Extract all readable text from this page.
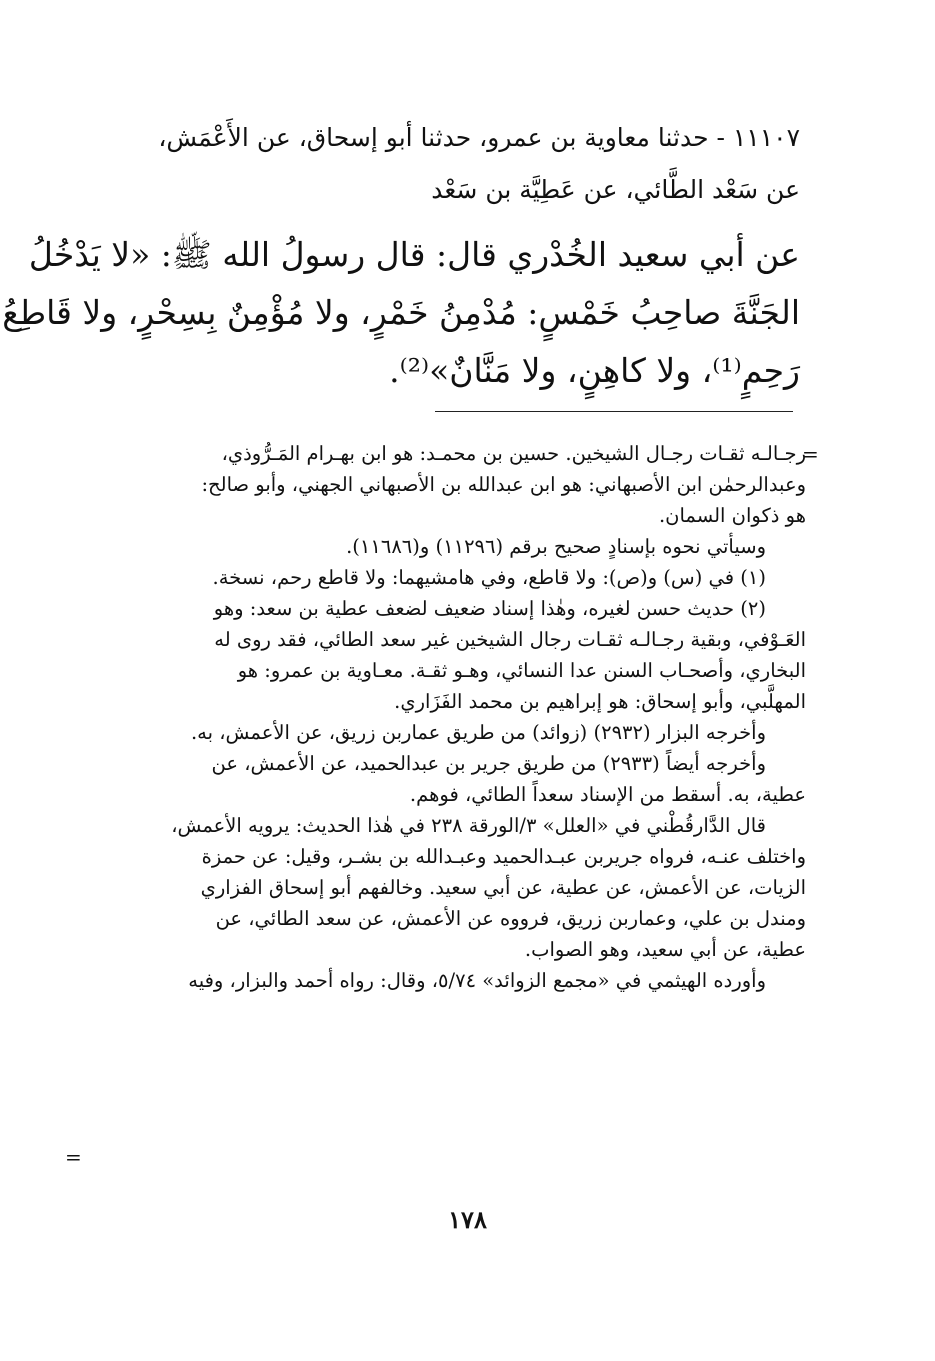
١١١٠٧ - حدثنا معاوية بن عمرو، حدثنا أبو إسحاق، عن الأَعْمَش،
عن سَعْد الطَّائي، عن عَطِيَّة بن سَعْد
عن أبي سعيد الخُدْري قال: قال رسولُ الله ﷺ: «لا يَدْخُلُ
الجَنَّةَ صاحِبُ خَمْسٍ: مُدْمِنُ خَمْرٍ، ولا مُؤْمِنٌ بِسِحْرٍ، ولا قَاطِعُ
رَحِمٍ⁽¹⁾، ولا كاهِنٍ، ولا مَنَّانٌ»⁽²⁾.
=
رجـالـه ثقـات رجـال الشيخين. حسين بن محمـد: هو ابن بهـرام المَـرُّوذي،
وعبدالرحمٰن ابن الأصبهاني: هو ابن عبدالله بن الأصبهاني الجهني، وأبو صالح:
هو ذكوان السمان.
وسيأتي نحوه بإسنادٍ صحيح برقم (١١٢٩٦) و(١١٦٨٦).
(١) في (س) و(ص): ولا قاطع، وفي هامشيهما: ولا قاطع رحم، نسخة.
(٢) حديث حسن لغيره، وهٰذا إسناد ضعيف لضعف عطية بن سعد: وهو
العَـوْفي، وبقية رجـالـه ثقـات رجال الشيخين غير سعد الطائي، فقد روى له
البخاري، وأصحـاب السنن عدا النسائي، وهـو ثقـة. معـاوية بن عمرو: هو
المهلَّبي، وأبو إسحاق: هو إبراهيم بن محمد الفَزَاري.
وأخرجه البزار (٢٩٣٢) (زوائد) من طريق عماربن زريق، عن الأعمش، به.
وأخرجه أيضاً (٢٩٣٣) من طريق جرير بن عبدالحميد، عن الأعمش، عن
عطية، به. أسقط من الإسناد سعداً الطائي، فوهم.
قال الدَّارقُطْني في «العلل» ٣/الورقة ٢٣٨ في هٰذا الحديث: يرويه الأعمش،
واختلف عنـه، فرواه جريربن عبـدالحميد وعبـدالله بن بشـر، وقيل: عن حمزة
الزيات، عن الأعمش، عن عطية، عن أبي سعيد. وخالفهم أبو إسحاق الفزاري
ومندل بن علي، وعماربن زريق، فرووه عن الأعمش، عن سعد الطائي، عن
عطية، عن أبي سعيد، وهو الصواب.
وأورده الهيثمي في «مجمع الزوائد» ٥/٧٤، وقال: رواه أحمد والبزار، وفيه
=
١٧٨
